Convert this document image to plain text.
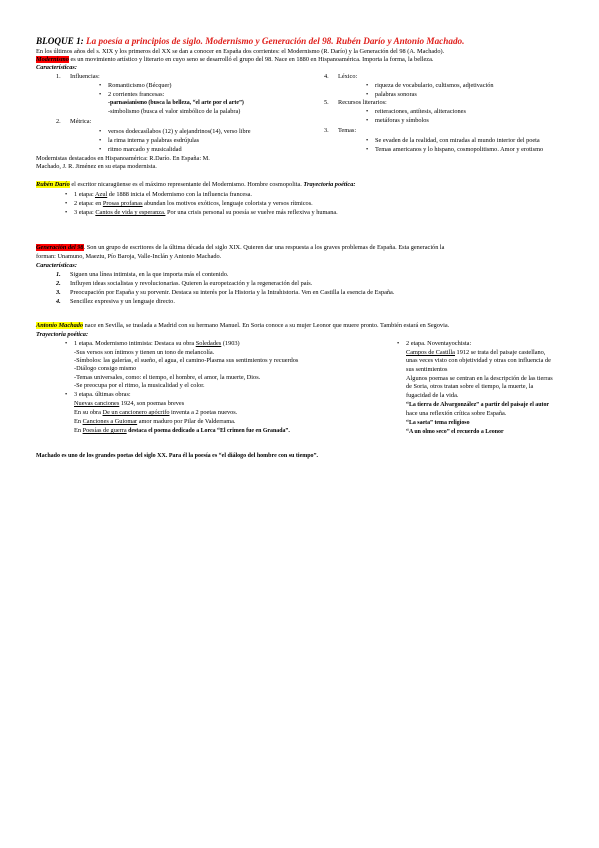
BLOQUE 1: La poesía a principios de siglo. Modernismo y Generación del 98. Rubén Darío y Antonio Machado.
En los últimos años del s. XIX y los primeros del XX se dan a conocer en España dos corrientes: el Modernismo (R. Darío) y la Generación del 98 (A. Machado).
Modernismo es un movimiento artístico y literario en cuyo seno se desarrolló el grupo del 98. Nace en 1880 en Hispanoamérica. Importa la forma, la belleza.
Características:
1. Influencias:
• Romanticismo (Bécquer)
• 2 corrientes francesas:
-parnasianismo (busca la belleza, “el arte por el arte”)
-simbolismo (busca el valor simbólico de la palabra)
2. Métrica:
• versos dodecasílabos (12) y alejandrinos(14), verso libre
• la rima interna y palabras esdrújulas
• ritmo marcado y musicalidad
Modernistas destacados en Hispanoamérica: R.Darío. En España: M.
Machado, J. R. Jiménez en su etapa modernista.
4. Léxico:
• riqueza de vocabulario, cultismos, adjetivación
• palabras sonoras
5. Recursos literarios:
• reiteraciones, antítesis, aliteraciones
• metáforas y símbolos
3. Temas:
• Se evaden de la realidad, con miradas al mundo interior del poeta
• Temas americanos y lo hispano, cosmopolitismo. Amor y erotismo
Rubén Darío el escritor nicaragüense es el máximo representante del Modernismo. Hombre cosmopolita. Trayectoria poética:
• 1 etapa: Azul de 1888 inicia el Modernismo con la influencia francesa.
• 2 etapa: en Prosas profanas abundan los motivos exóticos, lenguaje colorista y versos rítmicos.
• 3 etapa: Cantos de vida y esperanza. Por una crisis personal su poesía se vuelve más reflexiva y humana.
Generación del 98. Son un grupo de escritores de la última década del siglo XIX. Quieren dar una respuesta a los graves problemas de España. Esta generación la
forman: Unamuno, Maeztu, Pío Baroja, Valle-Inclán y Antonio Machado.
Características:
1. Siguen una línea intimista, en la que importa más el contenido.
2. Influyen ideas socialistas y revolucionarias. Quieren la europeización y la regeneración del país.
3. Preocupación por España y su porvenir. Destaca su interés por la Historia y la Intrahistoria. Ven en Castilla la esencia de España.
4. Sencillez expresiva y un lenguaje directo.
Antonio Machado nace en Sevilla, se traslada a Madrid con su hermano Manuel. En Soria conoce a su mujer Leonor que muere pronto. También estará en Segovia.
Trayectoria poética:
• 1 etapa. Modernismo intimista: Destaca su obra Soledades (1903)
-Sus versos son íntimos y tienen un tono de melancolía.
-Símbolos: las galerías, el sueño, el agua, el camino-Plasma sus sentimientos y recuerdos
-Diálogo consigo mismo
-Temas universales, como: el tiempo, el hombre, el amor, la muerte, Dios.
-Se preocupa por el ritmo, la musicalidad y el color.
• 3 etapa. últimas obras:
Nuevas canciones 1924, son poemas breves
En su obra De un cancionero apócrifo inventa a 2 poetas nuevos.
En Canciones a Guiomar amor maduro por Pilar de Valderrama.
En Poesías de guerra destaca el poema dedicado a Lorca “El crimen fue en Granada”.
• 2 etapa. Noventayochista:
Campos de Castilla 1912 se trata del paisaje castellano,
unas veces visto con objetividad y otras con influencia de
sus sentimientos
Algunos poemas se centran en la descripción de las tierras
de Soria, otros tratan sobre el tiempo, la muerte, la
fugacidad de la vida.
“La tierra de Alvargonzález” a partir del paisaje el autor
hace una reflexión crítica sobre España.
“La saeta” tema religioso
“A un olmo seco” el recuerdo a Leonor
Machado es uno de los grandes poetas del siglo XX. Para él la poesía es “el diálogo del hombre con su tiempo”.
